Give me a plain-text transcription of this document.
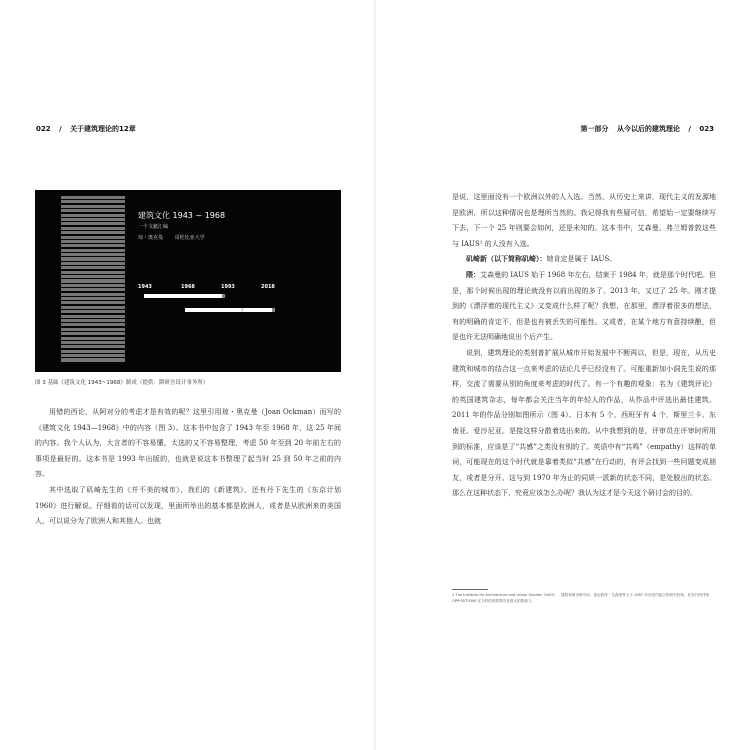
022 / 关于建筑理论的12章
建筑文化 1943 ~ 1968
一个文献汇编
琼・奥克曼 哥伦比亚大学
1943	1968	1993	2018
?
图 3 基础《建筑文化 1943~1968》制成（提供：隈研吾设计事务所）

用错的西论，从阿对分的考虑才是有效的呢？这里引用琼・奥克曼（Joan Ockman）而写的《建筑文化 1943—1968》中的内容（图 3）。这本书中包含了 1943 年至 1968 年，这 25 年间的内容。我个人认为，大言者的不容易懂，太选的又不容易整理，考虑 50 年至到 20 年前左右的事项是最好的。这本书是 1993 年出版的，也就是说这本书整理了起当时 25 到 50 年之前的内容。

其中选取了矶崎先生的《并不美的城市》，我们的《新建筑》，还有丹下先生的《东京计划 1960》进行解说。仔细看的话可以发现，里面所举出的基本都是欧洲人，或者是从欧洲来的美国人，可以说分为了欧洲人和其他人。也就

第一部分 从今以后的建筑理论 / 023

是说，这里面没有一个欧洲以外的人入选。当然，从历史上来讲，现代主义的发源地是欧洲，所以这种情况也是理所当然的。我记得我有些疑可信，希望始一定要继续写下去，下一个 25 年则要会如何，还是未知的。这本书中，艾森曼、弗兰姆普敦这些与 IAUS¹ 的人没有入选。

矶崎新（以下简称矶崎）：她肯定是属于 IAUS。

隈：艾森曼的 IAUS 始于 1968 年左右，结束于 1984 年，就是那个时代吧。但是，那个时候出现的理论就没有以前出现的多了。2013 年，又过了 25 年。刚才提到的《漂浮着的现代主义》又变成什么样了呢？我想，在那里，漂浮着很多的想法，有的明确的肯定不，但是也有被丢失的可能性。又或者，在某个地方有意持续酿，但是也许无法明确地说出个后产生。

说到，建筑理论的类别普扩展从城市开始发展中不断再以，但是，现在，从历史建筑和城市的结合这一点来考虑的话论几乎已经没有了。可能重新加小洞先生说的那样，交流了需要从别的角度来考虑的时代了。有一个有趣的观象：名为《建筑评论》的英国建筑杂志，每年都会关注当年的年轻人的作品，从作品中评选出最佳建筑。2011 年的作品分别如图所示（图 4）。日本有 5 个，西班牙有 4 个，斯里兰卡、东南亚、爱沙尼亚。是接这样分散着选出来的。从中我想到的是，评审员在评审时所用到的标准，应该是了“共感”之类没有别的了。英语中有“共鸣”（empathy）这样的单词，可能现在的这个时代就是靠着类似“共感”在行动的，有评会找到一些问题变成朋友，或者是分开。这与到 1970 年为止的同质一派新的状态不同，是处脱出的状态。那么在这种状态下，究竟应该怎么办呢？我认为这才是今天这个研讨会的目的。

1 The Institute for Architecture and Urban Studies（IAUS），建筑和城市研究所。是由彼得・艾森曼等人于 1967 年在纽约创立的研究机构。其发行的刊物 OPPOSITIONS 在当时的建筑界具有很大的影响力。
